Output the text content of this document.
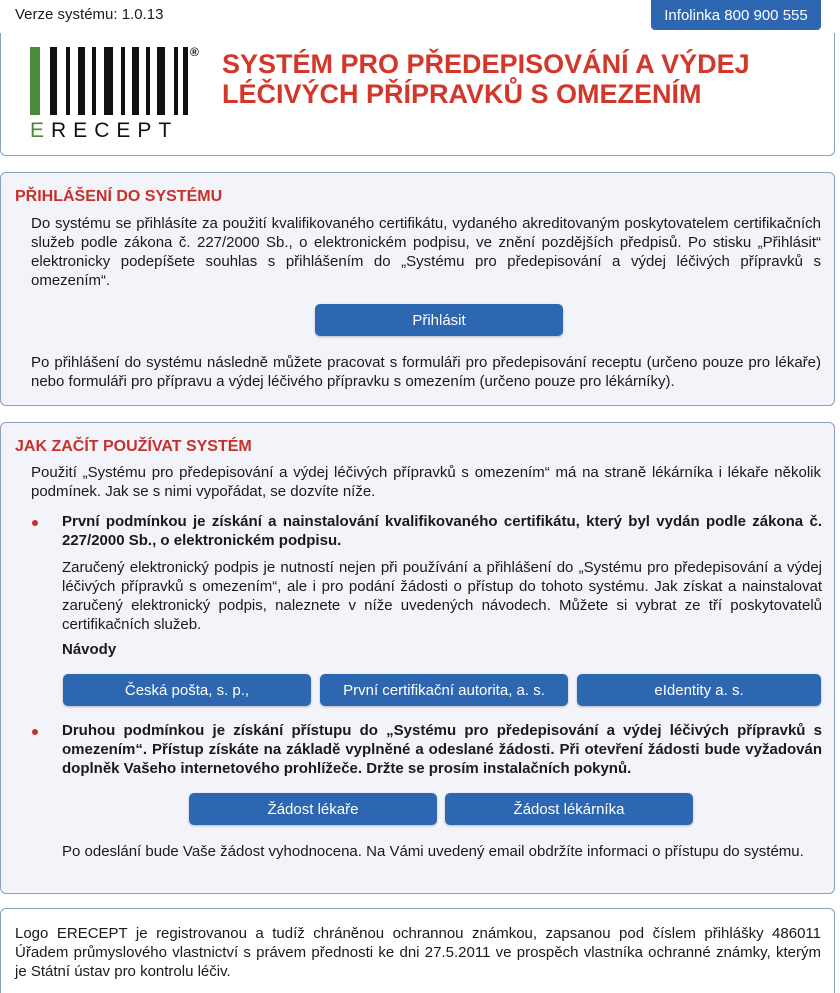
Verze systému: 1.0.13	Infolinka 800 900 555
®
ERECEPT
SYSTÉM PRO PŘEDEPISOVÁNÍ A VÝDEJ LÉČIVÝCH PŘÍPRAVKŮ S OMEZENÍM
PŘIHLÁŠENÍ DO SYSTÉMU
Do systému se přihlásíte za použití kvalifikovaného certifikátu, vydaného akreditovaným poskytovatelem certifikačních služeb podle zákona č. 227/2000 Sb., o elektronickém podpisu, ve znění pozdějších předpisů. Po stisku „Přihlásit“ elektronicky podepíšete souhlas s přihlášením do „Systému pro předepisování a výdej léčivých přípravků s omezením“.
Přihlásit
Po přihlášení do systému následně můžete pracovat s formuláři pro předepisování receptu (určeno pouze pro lékaře) nebo formuláři pro přípravu a výdej léčivého přípravku s omezením (určeno pouze pro lékárníky).
JAK ZAČÍT POUŽÍVAT SYSTÉM
Použití „Systému pro předepisování a výdej léčivých přípravků s omezením“ má na straně lékárníka i lékaře několik podmínek. Jak se s nimi vypořádat, se dozvíte níže.
První podmínkou je získání a nainstalování kvalifikovaného certifikátu, který byl vydán podle zákona č. 227/2000 Sb., o elektronickém podpisu.
Zaručený elektronický podpis je nutností nejen při používání a přihlášení do „Systému pro předepisování a výdej léčivých přípravků s omezením“, ale i pro podání žádosti o přístup do tohoto systému. Jak získat a nainstalovat zaručený elektronický podpis, naleznete v níže uvedených návodech. Můžete si vybrat ze tří poskytovatelů certifikačních služeb.
Návody
Česká pošta, s. p.,	První certifikační autorita, a. s.	eIdentity a. s.
Druhou podmínkou je získání přístupu do „Systému pro předepisování a výdej léčivých přípravků s omezením“. Přístup získáte na základě vyplněné a odeslané žádosti. Při otevření žádosti bude vyžadován doplněk Vašeho internetového prohlížeče. Držte se prosím instalačních pokynů.
Žádost lékaře	Žádost lékárníka
Po odeslání bude Vaše žádost vyhodnocena. Na Vámi uvedený email obdržíte informaci o přístupu do systému.
Logo ERECEPT je registrovanou a tudíž chráněnou ochrannou známkou, zapsanou pod číslem přihlášky 486011 Úřadem průmyslového vlastnictví s právem přednosti ke dni 27.5.2011 ve prospěch vlastníka ochranné známky, kterým je Státní ústav pro kontrolu léčiv.
